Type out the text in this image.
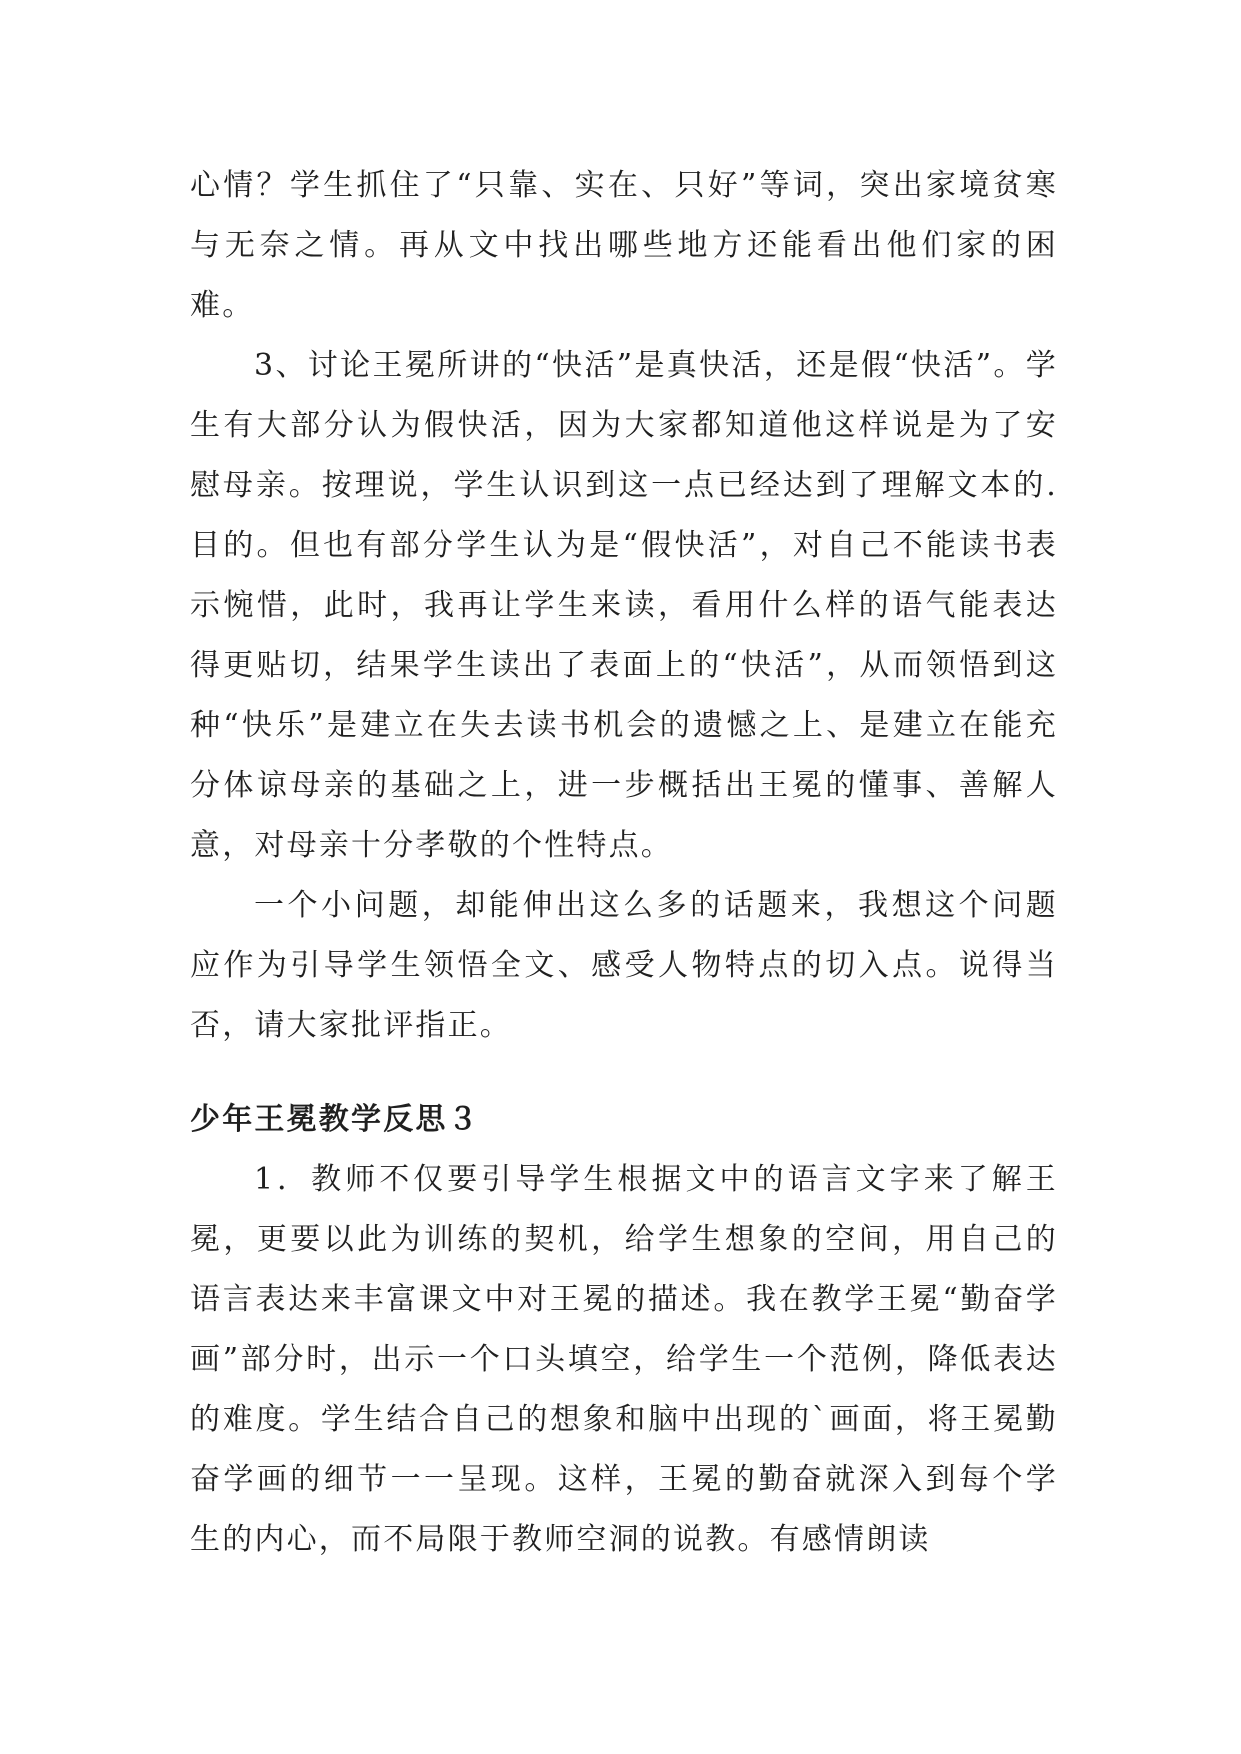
心情？学生抓住了“只靠、实在、只好”等词，突出家境贫寒与无奈之情。再从文中找出哪些地方还能看出他们家的困难。

3、讨论王冕所讲的“快活”是真快活，还是假“快活”。学生有大部分认为假快活，因为大家都知道他这样说是为了安慰母亲。按理说，学生认识到这一点已经达到了理解文本的.目的。但也有部分学生认为是“假快活”，对自己不能读书表示惋惜，此时，我再让学生来读，看用什么样的语气能表达得更贴切，结果学生读出了表面上的“快活”，从而领悟到这种“快乐”是建立在失去读书机会的遗憾之上、是建立在能充分体谅母亲的基础之上，进一步概括出王冕的懂事、善解人意，对母亲十分孝敬的个性特点。

一个小问题，却能伸出这么多的话题来，我想这个问题应作为引导学生领悟全文、感受人物特点的切入点。说得当否，请大家批评指正。

少年王冕教学反思３

1．教师不仅要引导学生根据文中的语言文字来了解王冕，更要以此为训练的契机，给学生想象的空间，用自己的语言表达来丰富课文中对王冕的描述。我在教学王冕“勤奋学画”部分时，出示一个口头填空，给学生一个范例，降低表达的难度。学生结合自己的想象和脑中出现的`画面，将王冕勤奋学画的细节一一呈现。这样，王冕的勤奋就深入到每个学生的内心，而不局限于教师空洞的说教。有感情朗读
